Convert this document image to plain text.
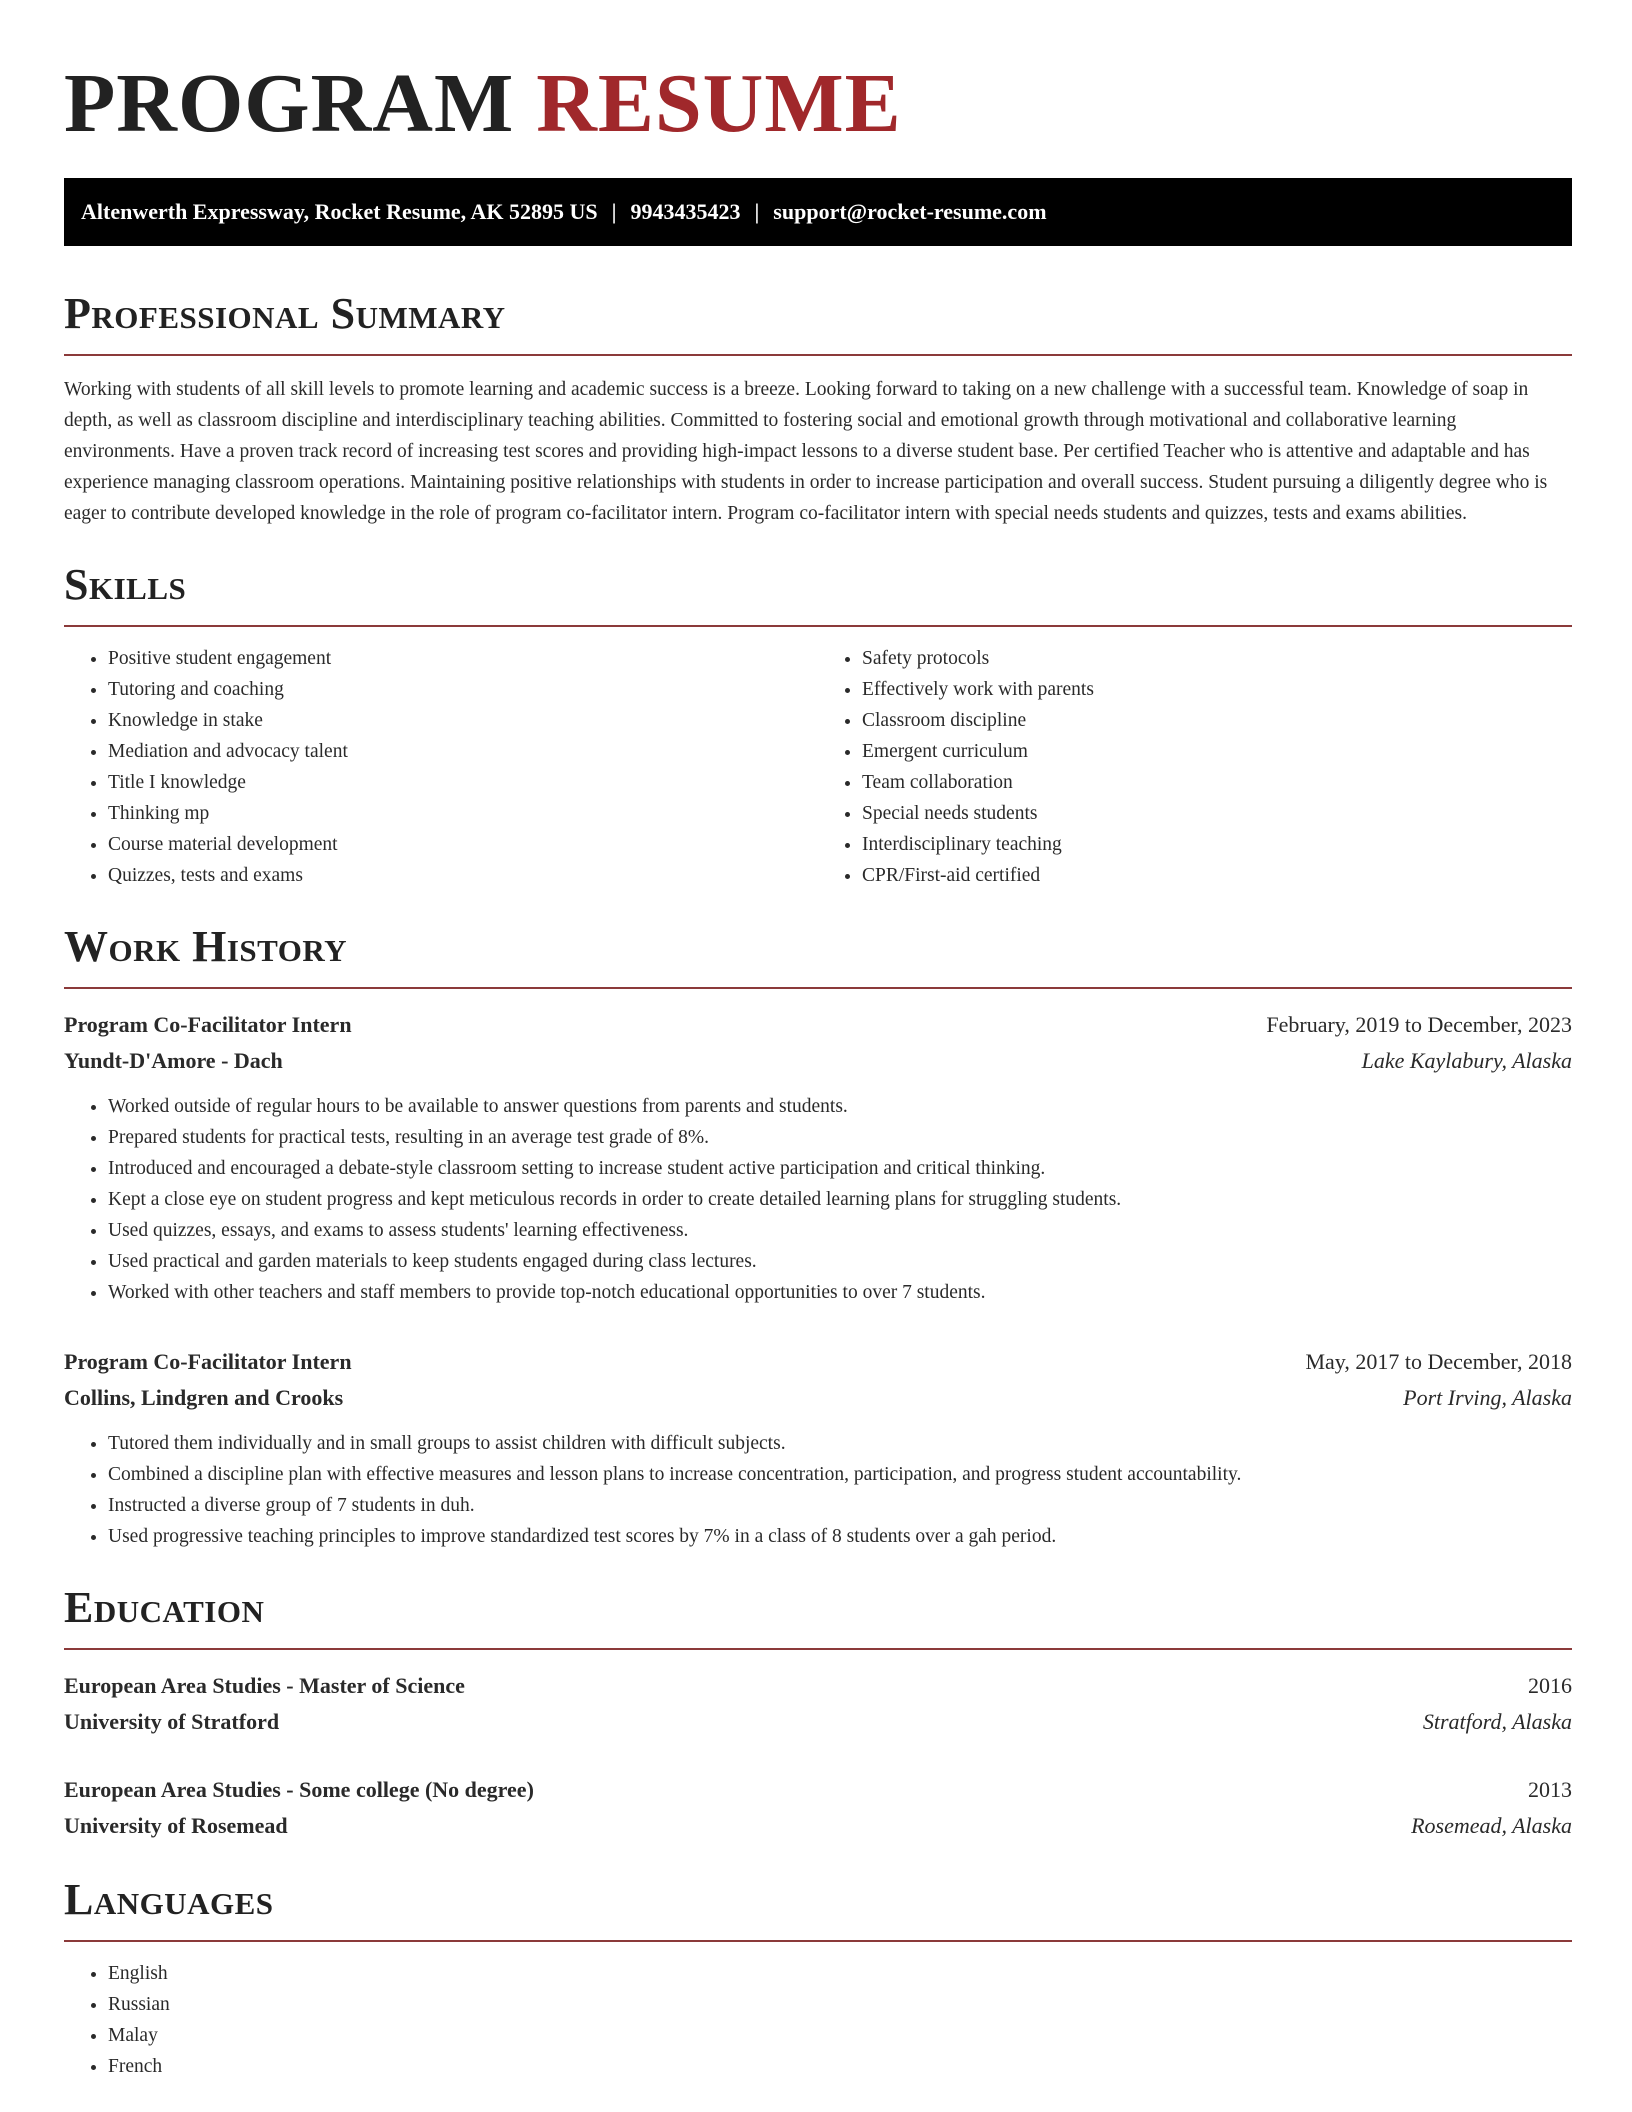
PROGRAM RESUME
Altenwerth Expressway, Rocket Resume, AK 52895 US | 9943435423 | support@rocket-resume.com
Professional Summary

Working with students of all skill levels to promote learning and academic success is a breeze. Looking forward to taking on a new challenge with a successful team. Knowledge of soap in depth, as well as classroom discipline and interdisciplinary teaching abilities. Committed to fostering social and emotional growth through motivational and collaborative learning environments. Have a proven track record of increasing test scores and providing high-impact lessons to a diverse student base. Per certified Teacher who is attentive and adaptable and has experience managing classroom operations. Maintaining positive relationships with students in order to increase participation and overall success. Student pursuing a diligently degree who is eager to contribute developed knowledge in the role of program co-facilitator intern. Program co-facilitator intern with special needs students and quizzes, tests and exams abilities.

Skills
• Positive student engagement
• Tutoring and coaching
• Knowledge in stake
• Mediation and advocacy talent
• Title I knowledge
• Thinking mp
• Course material development
• Quizzes, tests and exams
• Safety protocols
• Effectively work with parents
• Classroom discipline
• Emergent curriculum
• Team collaboration
• Special needs students
• Interdisciplinary teaching
• CPR/First-aid certified
Work History
Program Co-Facilitator Intern	February, 2019 to December, 2023
Yundt-D'Amore - Dach	Lake Kaylabury, Alaska
• Worked outside of regular hours to be available to answer questions from parents and students.
• Prepared students for practical tests, resulting in an average test grade of 8%.
• Introduced and encouraged a debate-style classroom setting to increase student active participation and critical thinking.
• Kept a close eye on student progress and kept meticulous records in order to create detailed learning plans for struggling students.
• Used quizzes, essays, and exams to assess students' learning effectiveness.
• Used practical and garden materials to keep students engaged during class lectures.
• Worked with other teachers and staff members to provide top-notch educational opportunities to over 7 students.
Program Co-Facilitator Intern	May, 2017 to December, 2018
Collins, Lindgren and Crooks	Port Irving, Alaska
• Tutored them individually and in small groups to assist children with difficult subjects.
• Combined a discipline plan with effective measures and lesson plans to increase concentration, participation, and progress student accountability.
• Instructed a diverse group of 7 students in duh.
• Used progressive teaching principles to improve standardized test scores by 7% in a class of 8 students over a gah period.
Education
European Area Studies - Master of Science	2016
University of Stratford	Stratford, Alaska
European Area Studies - Some college (No degree)	2013
University of Rosemead	Rosemead, Alaska
Languages
• English
• Russian
• Malay
• French
